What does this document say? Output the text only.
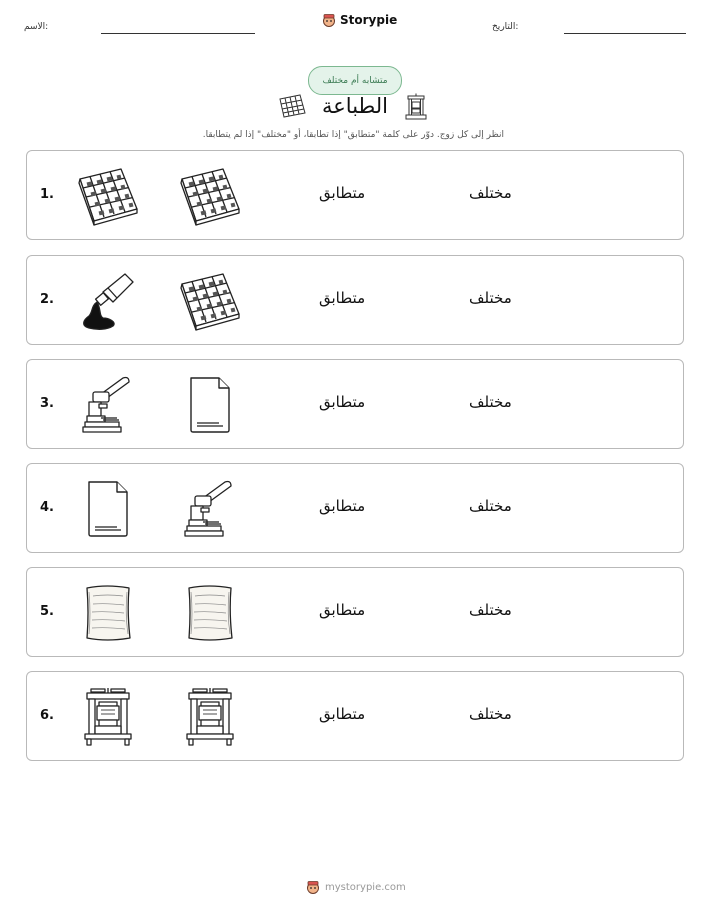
الاسم:	Storypie	التاريخ:
متشابه أم مختلف
الطباعة
انظر إلى كل زوج. دوّر على كلمة "متطابق" إذا تطابقا، أو "مختلف" إذا لم يتطابقا.
1.	متطابق	مختلف
2.	متطابق	مختلف
3.	متطابق	مختلف
4.	متطابق	مختلف
5.	متطابق	مختلف
6.	متطابق	مختلف
mystorypie.com
